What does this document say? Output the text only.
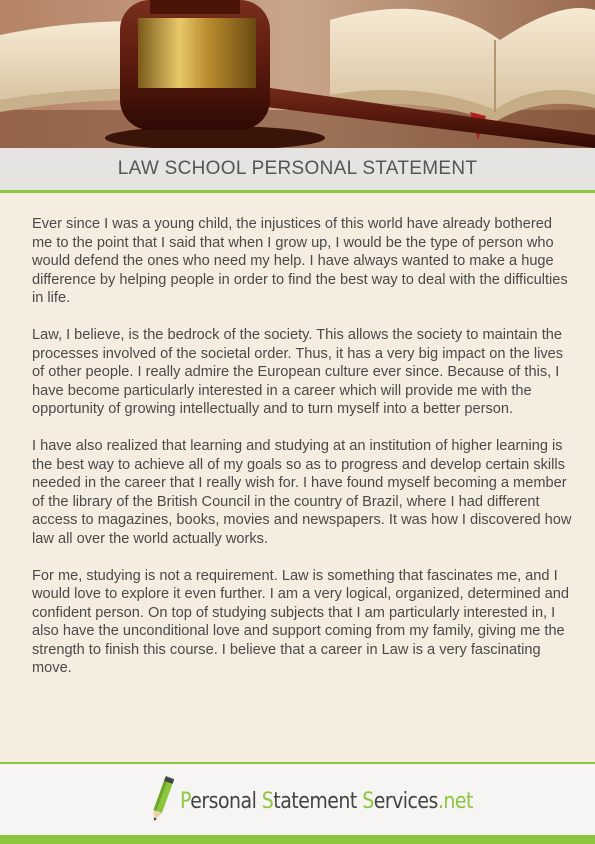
LAW SCHOOL PERSONAL STATEMENT

Ever since I was a young child, the injustices of this world have already bothered me to the point that I said that when I grow up, I would be the type of person who would defend the ones who need my help. I have always wanted to make a huge difference by helping people in order to find the best way to deal with the difficulties in life.

Law, I believe, is the bedrock of the society. This allows the society to maintain the processes involved of the societal order. Thus, it has a very big impact on the lives of other people. I really admire the European culture ever since. Because of this, I have become particularly interested in a career which will provide me with the opportunity of growing intellectually and to turn myself into a better person.

I have also realized that learning and studying at an institution of higher learning is the best way to achieve all of my goals so as to progress and develop certain skills needed in the career that I really wish for. I have found myself becoming a member of the library of the British Council in the country of Brazil, where I had different access to magazines, books, movies and newspapers. It was how I discovered how law all over the world actually works.

For me, studying is not a requirement. Law is something that fascinates me, and I would love to explore it even further. I am a very logical, organized, determined and confident person. On top of studying subjects that I am particularly interested in, I also have the unconditional love and support coming from my family, giving me the strength to finish this course. I believe that a career in Law is a very fascinating move.

Personal Statement Services.net
